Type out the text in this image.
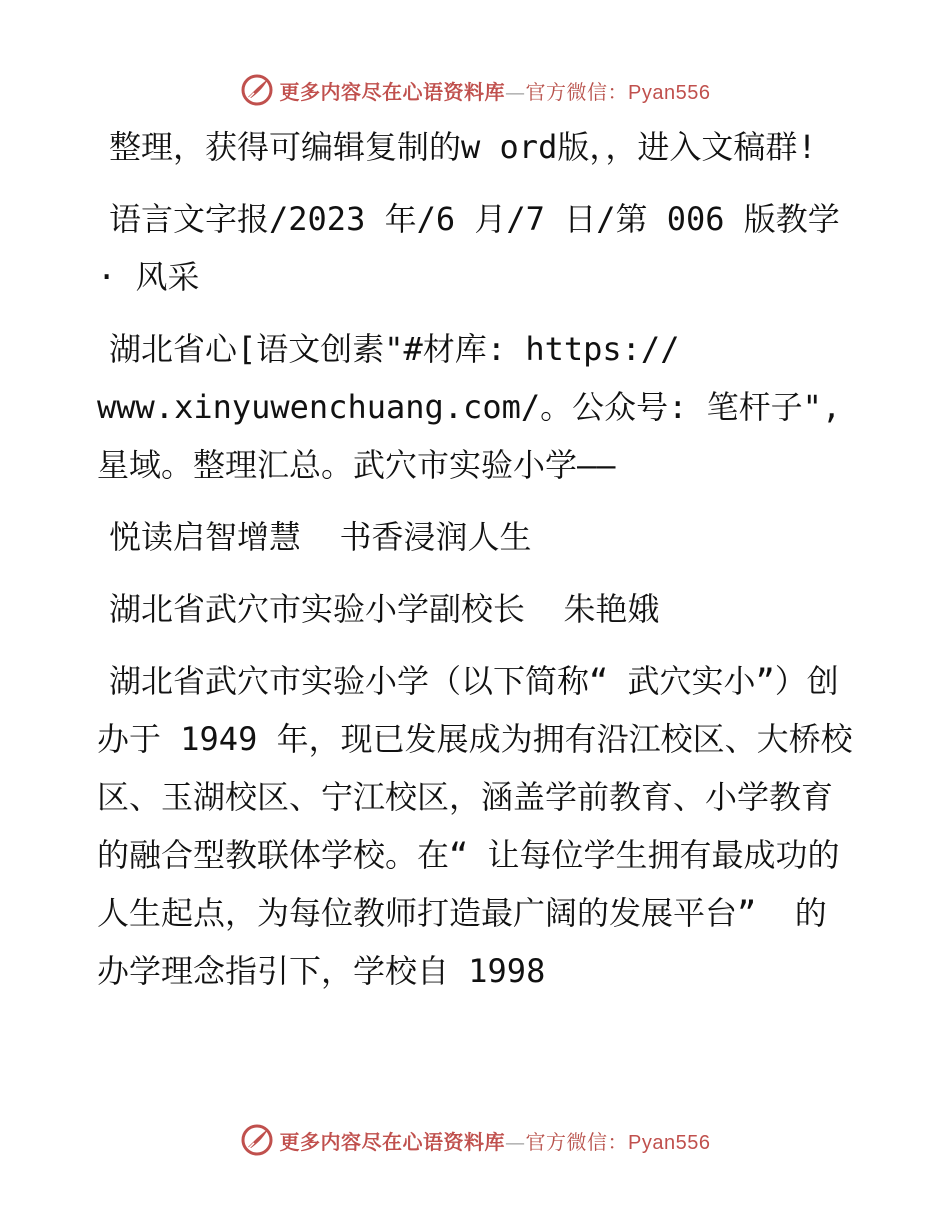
更多内容尽在心语资料库—官方微信：Pyan556

整理，获得可编辑复制的w ord版，，进入文稿群!

语言文字报/2023 年/6 月/7 日/第 006 版教学 · 风采

湖北省心[语文创素"#材库: https://
www.xinyuwenchuang.com/。公众号: 笔杆子",星域。整理汇总。武穴市实验小学——

悦读启智增慧  书香浸润人生

湖北省武穴市实验小学副校长  朱艳娥

湖北省武穴市实验小学（以下简称“ 武穴实小”）创办于 1949 年，现已发展成为拥有沿江校区、大桥校区、玉湖校区、宁江校区，涵盖学前教育、小学教育的融合型教联体学校。在“ 让每位学生拥有最成功的人生起点，为每位教师打造最广阔的发展平台”  的办学理念指引下，学校自 1998

更多内容尽在心语资料库—官方微信：Pyan556
